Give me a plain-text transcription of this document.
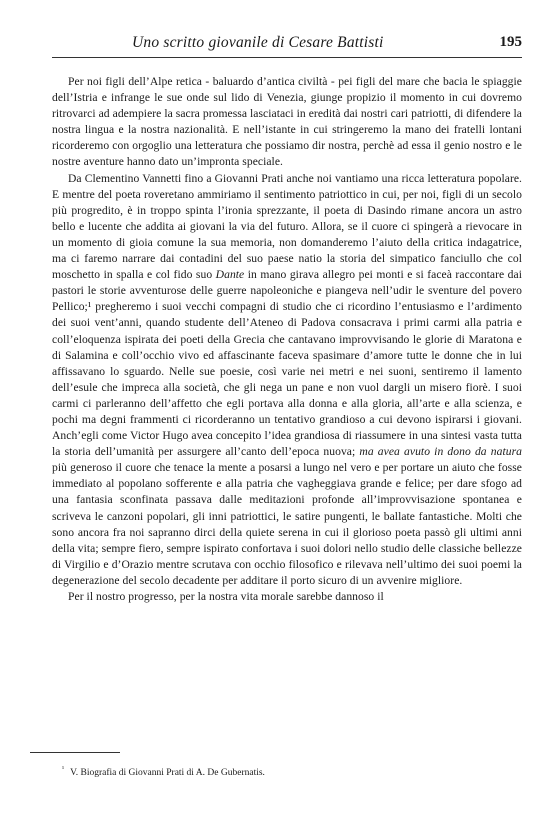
Uno scritto giovanile di Cesare Battisti	195

Per noi figli dell’Alpe retica - baluardo d’antica civiltà - pei figli del mare che bacia le spiaggie dell’Istria e infrange le sue onde sul lido di Venezia, giunge propizio il momento in cui dovremo ritrovarci ad adempiere la sacra promessa lasciataci in eredità dai nostri cari patriotti, di difendere la nostra lingua e la nostra nazionalità. E nell’istante in cui stringeremo la mano dei fratelli lontani ricorderemo con orgoglio una letteratura che possiamo dir nostra, perchè ad essa il genio nostro e le nostre aventure hanno dato un’impronta speciale.

Da Clementino Vannetti fino a Giovanni Prati anche noi vantiamo una ricca letteratura popolare. E mentre del poeta roveretano ammiriamo il sentimento patriottico in cui, per noi, figli di un secolo più progredito, è in troppo spinta l’ironia sprezzante, il poeta di Dasindo rimane ancora un astro bello e lucente che addita ai giovani la via del futuro. Allora, se il cuore ci spingerà a rievocare in un momento di gioia comune la sua memoria, non domanderemo l’aiuto della critica indagatrice, ma ci faremo narrare dai contadini del suo paese natio la storia del simpatico fanciullo che col moschetto in spalla e col fido suo Dante in mano girava allegro pei monti e si faceà raccontare dai pastori le storie avventurose delle guerre napoleoniche e piangeva nell’udir le sventure del povero Pellico;¹ pregheremo i suoi vecchi compagni di studio che ci ricordino l’entusiasmo e l’ardimento dei suoi vent’anni, quando studente dell’Ateneo di Padova consacrava i primi carmi alla patria e coll’eloquenza ispirata dei poeti della Grecia che cantavano improvvisando le glorie di Maratona e di Salamina e coll’occhio vivo ed affascinante faceva spasimare d’amore tutte le donne che in lui affissavano lo sguardo. Nelle sue poesie, così varie nei metri e nei suoni, sentiremo il lamento dell’esule che impreca alla società, che gli nega un pane e non vuol dargli un misero fiorè. I suoi carmi ci parleranno dell’affetto che egli portava alla donna e alla gloria, all’arte e alla scienza, e pochi ma degni frammenti ci ricorderanno un tentativo grandioso a cui devono ispirarsi i giovani. Anch’egli come Victor Hugo avea concepito l’idea grandiosa di riassumere in una sintesi vasta tutta la storia dell’umanità per assurgere all’canto dell’epoca nuova; ma avea avuto in dono da natura più generoso il cuore che tenace la mente a posarsi a lungo nel vero e per portare un aiuto che fosse immediato al popolano sofferente e alla patria che vagheggiava grande e felice; per dare sfogo ad una fantasia sconfinata passava dalle meditazioni profonde all’improvvisazione spontanea e scriveva le canzoni popolari, gli inni patriottici, le satire pungenti, le ballate fantastiche. Molti che sono ancora fra noi sapranno dirci della quiete serena in cui il glorioso poeta passò gli ultimi anni della vita; sempre fiero, sempre ispirato confortava i suoi dolori nello studio delle classiche bellezze di Virgilio e d’Orazio mentre scrutava con occhio filosofico e rilevava nell’ultimo dei suoi poemi la degenerazione del secolo decadente per additare il porto sicuro di un avvenire migliore.

Per il nostro progresso, per la nostra vita morale sarebbe dannoso il

$^{^1}$ V. Biografia di Giovanni Prati di A. De Gubernatis.
